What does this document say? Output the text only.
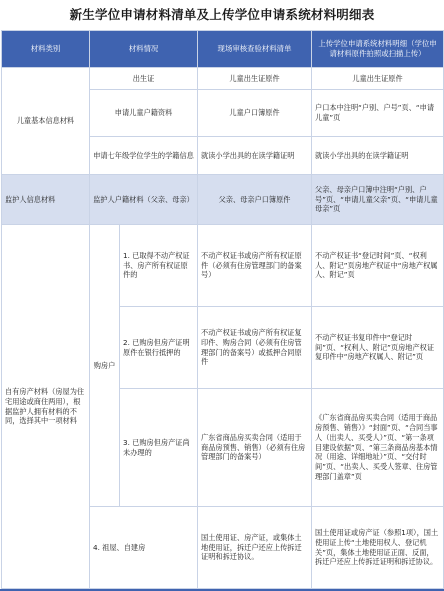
新生学位申请材料清单及上传学位申请系统材料明细表
材料类别	材料情况		现场审核查验材料清单	上传学位申请系统材料明细（学位申请材料原件拍照或扫描上传）
儿童基本信息材料	出生证		儿童出生证原件	儿童出生证原件
	申请儿童户籍资料		儿童户口簿原件	户口本中注明“户别、户号”页、“申请儿童”页
	申请七年级学位学生的学籍信息		就读小学出具的在读学籍证明	就读小学出具的在读学籍证明
监护人信息材料	监护人户籍材料（父亲、母亲）		父亲、母亲户口簿原件	父亲、母亲户口簿中注明“户别、户号”页、“申请儿童父亲”页、“申请儿童母亲”页
自有房产材料（房屋为住宅用途或商住两用），根据监护人拥有材料的不同，选择其中一项材料	购房户	1. 已取得不动产权证书、房产所有权证原件的	不动产权证书或房产所有权证原件（必须有住房管理部门的备案号）	不动产权证书“登记时间”页、“权利人、附记”页房地产权证中“房地产权属人、附记”页
		2. 已购房但房产证明原件在银行抵押的	不动产权证书或房产所有权证复印件、购房合同（必须有住房管理部门的备案号）或抵押合同原件	不动产权证书复印件中“登记时间”页、“权利人、附记”页房地产权证复印件中“房地产权属人、附记”页
		3. 已购房但房产证尚未办理的	广东省商品房买卖合同（适用于商品房预售、销售）（必须有住房管理部门的备案号）	《广东省商品房买卖合同（适用于商品房预售、销售）》“封面”页、“合同当事人（出卖人、买受人）”页、“第一条项目建设依据”页、“第三条商品房基本情况（用途、详细地址）”页、“交付时间”页、“出卖人、买受人签章、住房管理部门盖章”页
	4. 祖屋、自建房		国土使用证、房产证，或集体土地使用证，拆迁户还应上传拆迁证明和拆迁协议。	国土使用证或房产证（参照1项），国土使用证上传“土地使用权人、登记机关”页，集体土地使用证正面、反面，拆迁户还应上传拆迁证明和拆迁协议。
